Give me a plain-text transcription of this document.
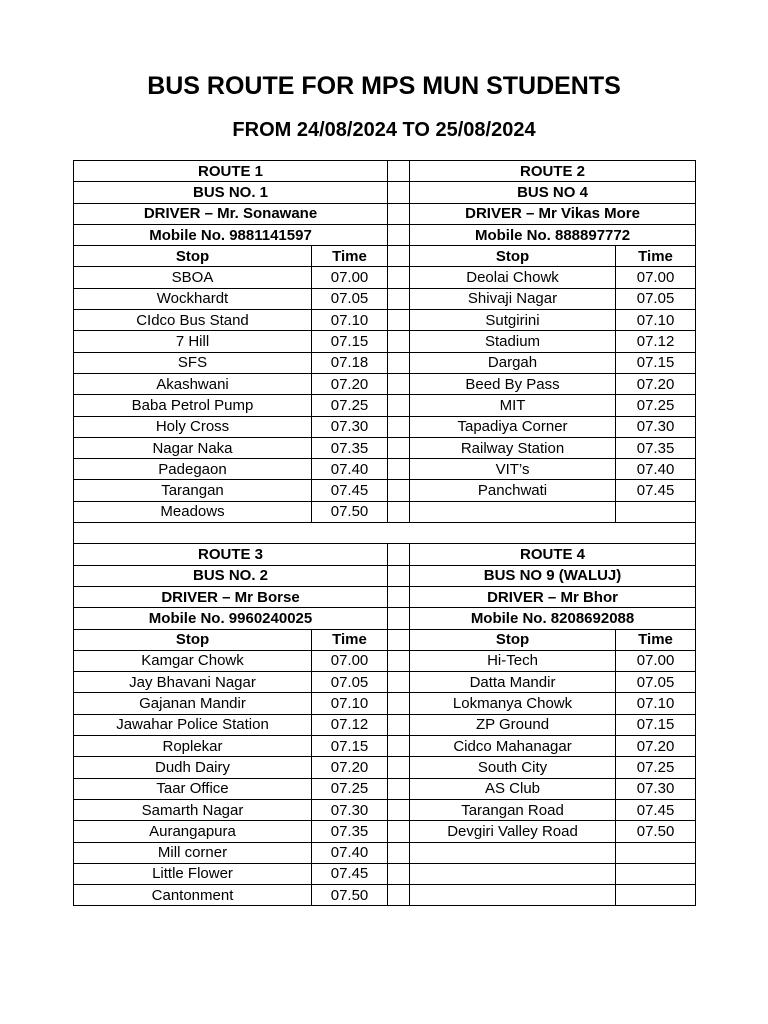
BUS ROUTE FOR MPS MUN STUDENTS
FROM 24/08/2024 TO 25/08/2024
ROUTE 1			ROUTE 2	
BUS NO. 1			BUS NO 4	
DRIVER – Mr. Sonawane			DRIVER – Mr Vikas More	
Mobile No. 9881141597			Mobile No. 888897772	
Stop	Time		Stop	Time
SBOA	07.00		Deolai Chowk	07.00
Wockhardt	07.05		Shivaji Nagar	07.05
CIdco Bus Stand	07.10		Sutgirini	07.10
7 Hill	07.15		Stadium	07.12
SFS	07.18		Dargah	07.15
Akashwani	07.20		Beed By Pass	07.20
Baba Petrol Pump	07.25		MIT	07.25
Holy Cross	07.30		Tapadiya Corner	07.30
Nagar Naka	07.35		Railway Station	07.35
Padegaon	07.40		VIT’s	07.40
Tarangan	07.45		Panchwati	07.45
Meadows	07.50			

ROUTE 3			ROUTE 4	
BUS NO. 2			BUS NO 9 (WALUJ)	
DRIVER – Mr Borse			DRIVER – Mr Bhor	
Mobile No. 9960240025			Mobile No. 8208692088	
Stop	Time		Stop	Time
Kamgar Chowk	07.00		Hi-Tech	07.00
Jay Bhavani Nagar	07.05		Datta Mandir	07.05
Gajanan Mandir	07.10		Lokmanya Chowk	07.10
Jawahar Police Station	07.12		ZP Ground	07.15
Roplekar	07.15		Cidco Mahanagar	07.20
Dudh Dairy	07.20		South City	07.25
Taar Office	07.25		AS Club	07.30
Samarth Nagar	07.30		Tarangan Road	07.45
Aurangapura	07.35		Devgiri Valley Road	07.50
Mill corner	07.40			
Little Flower	07.45			
Cantonment	07.50			
